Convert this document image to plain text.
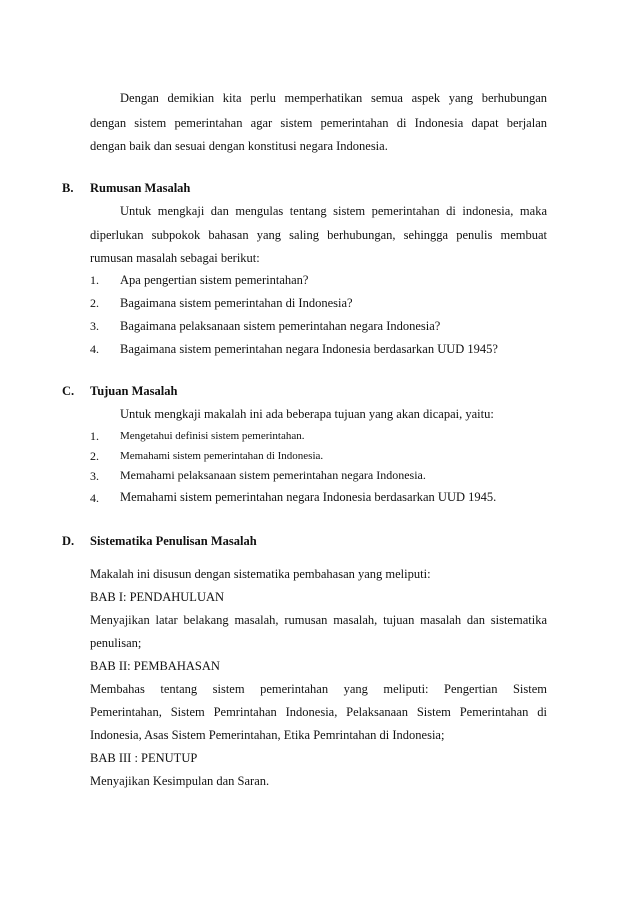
Dengan demikian kita perlu memperhatikan semua aspek yang berhubungan
dengan sistem pemerintahan agar sistem pemerintahan di Indonesia dapat berjalan
dengan baik dan sesuai dengan konstitusi negara Indonesia.
B. Rumusan Masalah
Untuk mengkaji dan mengulas tentang sistem pemerintahan di indonesia, maka
diperlukan subpokok bahasan yang saling berhubungan, sehingga penulis membuat
rumusan masalah sebagai berikut:
1. Apa pengertian sistem pemerintahan?
2. Bagaimana sistem pemerintahan di Indonesia?
3. Bagaimana pelaksanaan sistem pemerintahan negara Indonesia?
4. Bagaimana sistem pemerintahan negara Indonesia berdasarkan UUD 1945?
C. Tujuan Masalah
Untuk mengkaji makalah ini ada beberapa tujuan yang akan dicapai, yaitu:
1. Mengetahui definisi sistem pemerintahan.
2. Memahami sistem pemerintahan di Indonesia.
3. Memahami pelaksanaan sistem pemerintahan negara Indonesia.
4. Memahami sistem pemerintahan negara Indonesia berdasarkan UUD 1945.
D. Sistematika Penulisan Masalah
Makalah ini disusun dengan sistematika pembahasan yang meliputi:
BAB I: PENDAHULUAN
Menyajikan latar belakang masalah, rumusan masalah, tujuan masalah dan sistematika
penulisan;
BAB II: PEMBAHASAN
Membahas tentang sistem pemerintahan yang meliputi: Pengertian Sistem
Pemerintahan, Sistem Pemrintahan Indonesia, Pelaksanaan Sistem Pemerintahan di
Indonesia, Asas Sistem Pemerintahan, Etika Pemrintahan di Indonesia;
BAB III : PENUTUP
Menyajikan Kesimpulan dan Saran.
